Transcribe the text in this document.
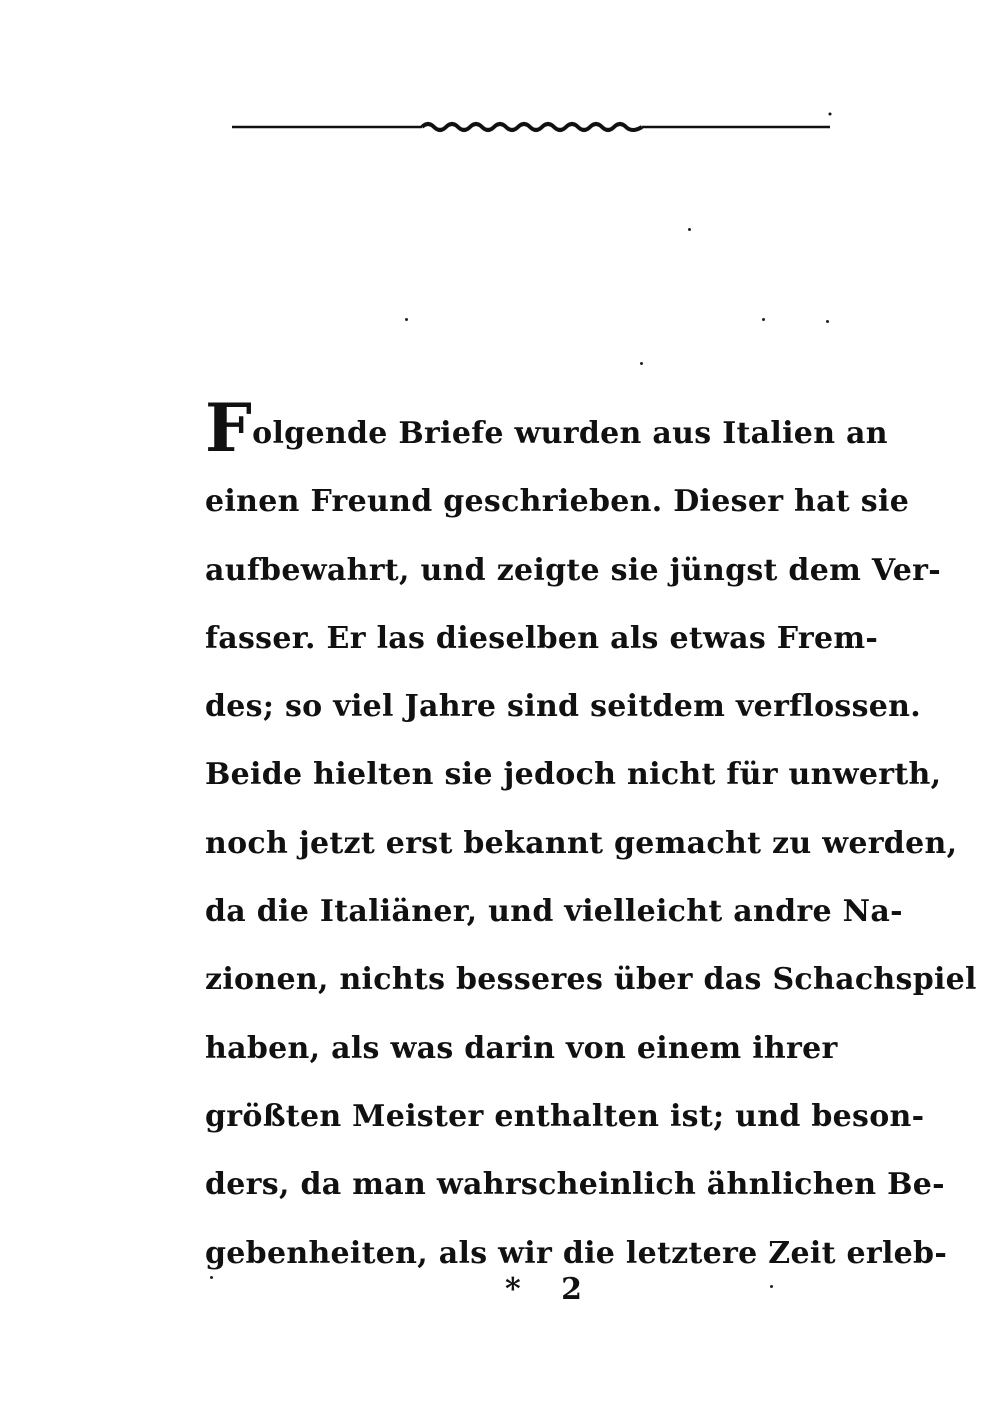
Folgende Briefe wurden aus Italien an
einen Freund geschrieben. Dieser hat sie
aufbewahrt, und zeigte sie jüngst dem Ver-
fasser. Er las dieselben als etwas Frem-
des; so viel Jahre sind seitdem verflossen.
Beide hielten sie jedoch nicht für unwerth,
noch jetzt erst bekannt gemacht zu werden,
da die Italiäner, und vielleicht andre Na-
zionen, nichts besseres über das Schachspiel
haben, als was darin von einem ihrer
größten Meister enthalten ist; und beson-
ders, da man wahrscheinlich ähnlichen Be-
gebenheiten, als wir die letztere Zeit erleb-
* 2
